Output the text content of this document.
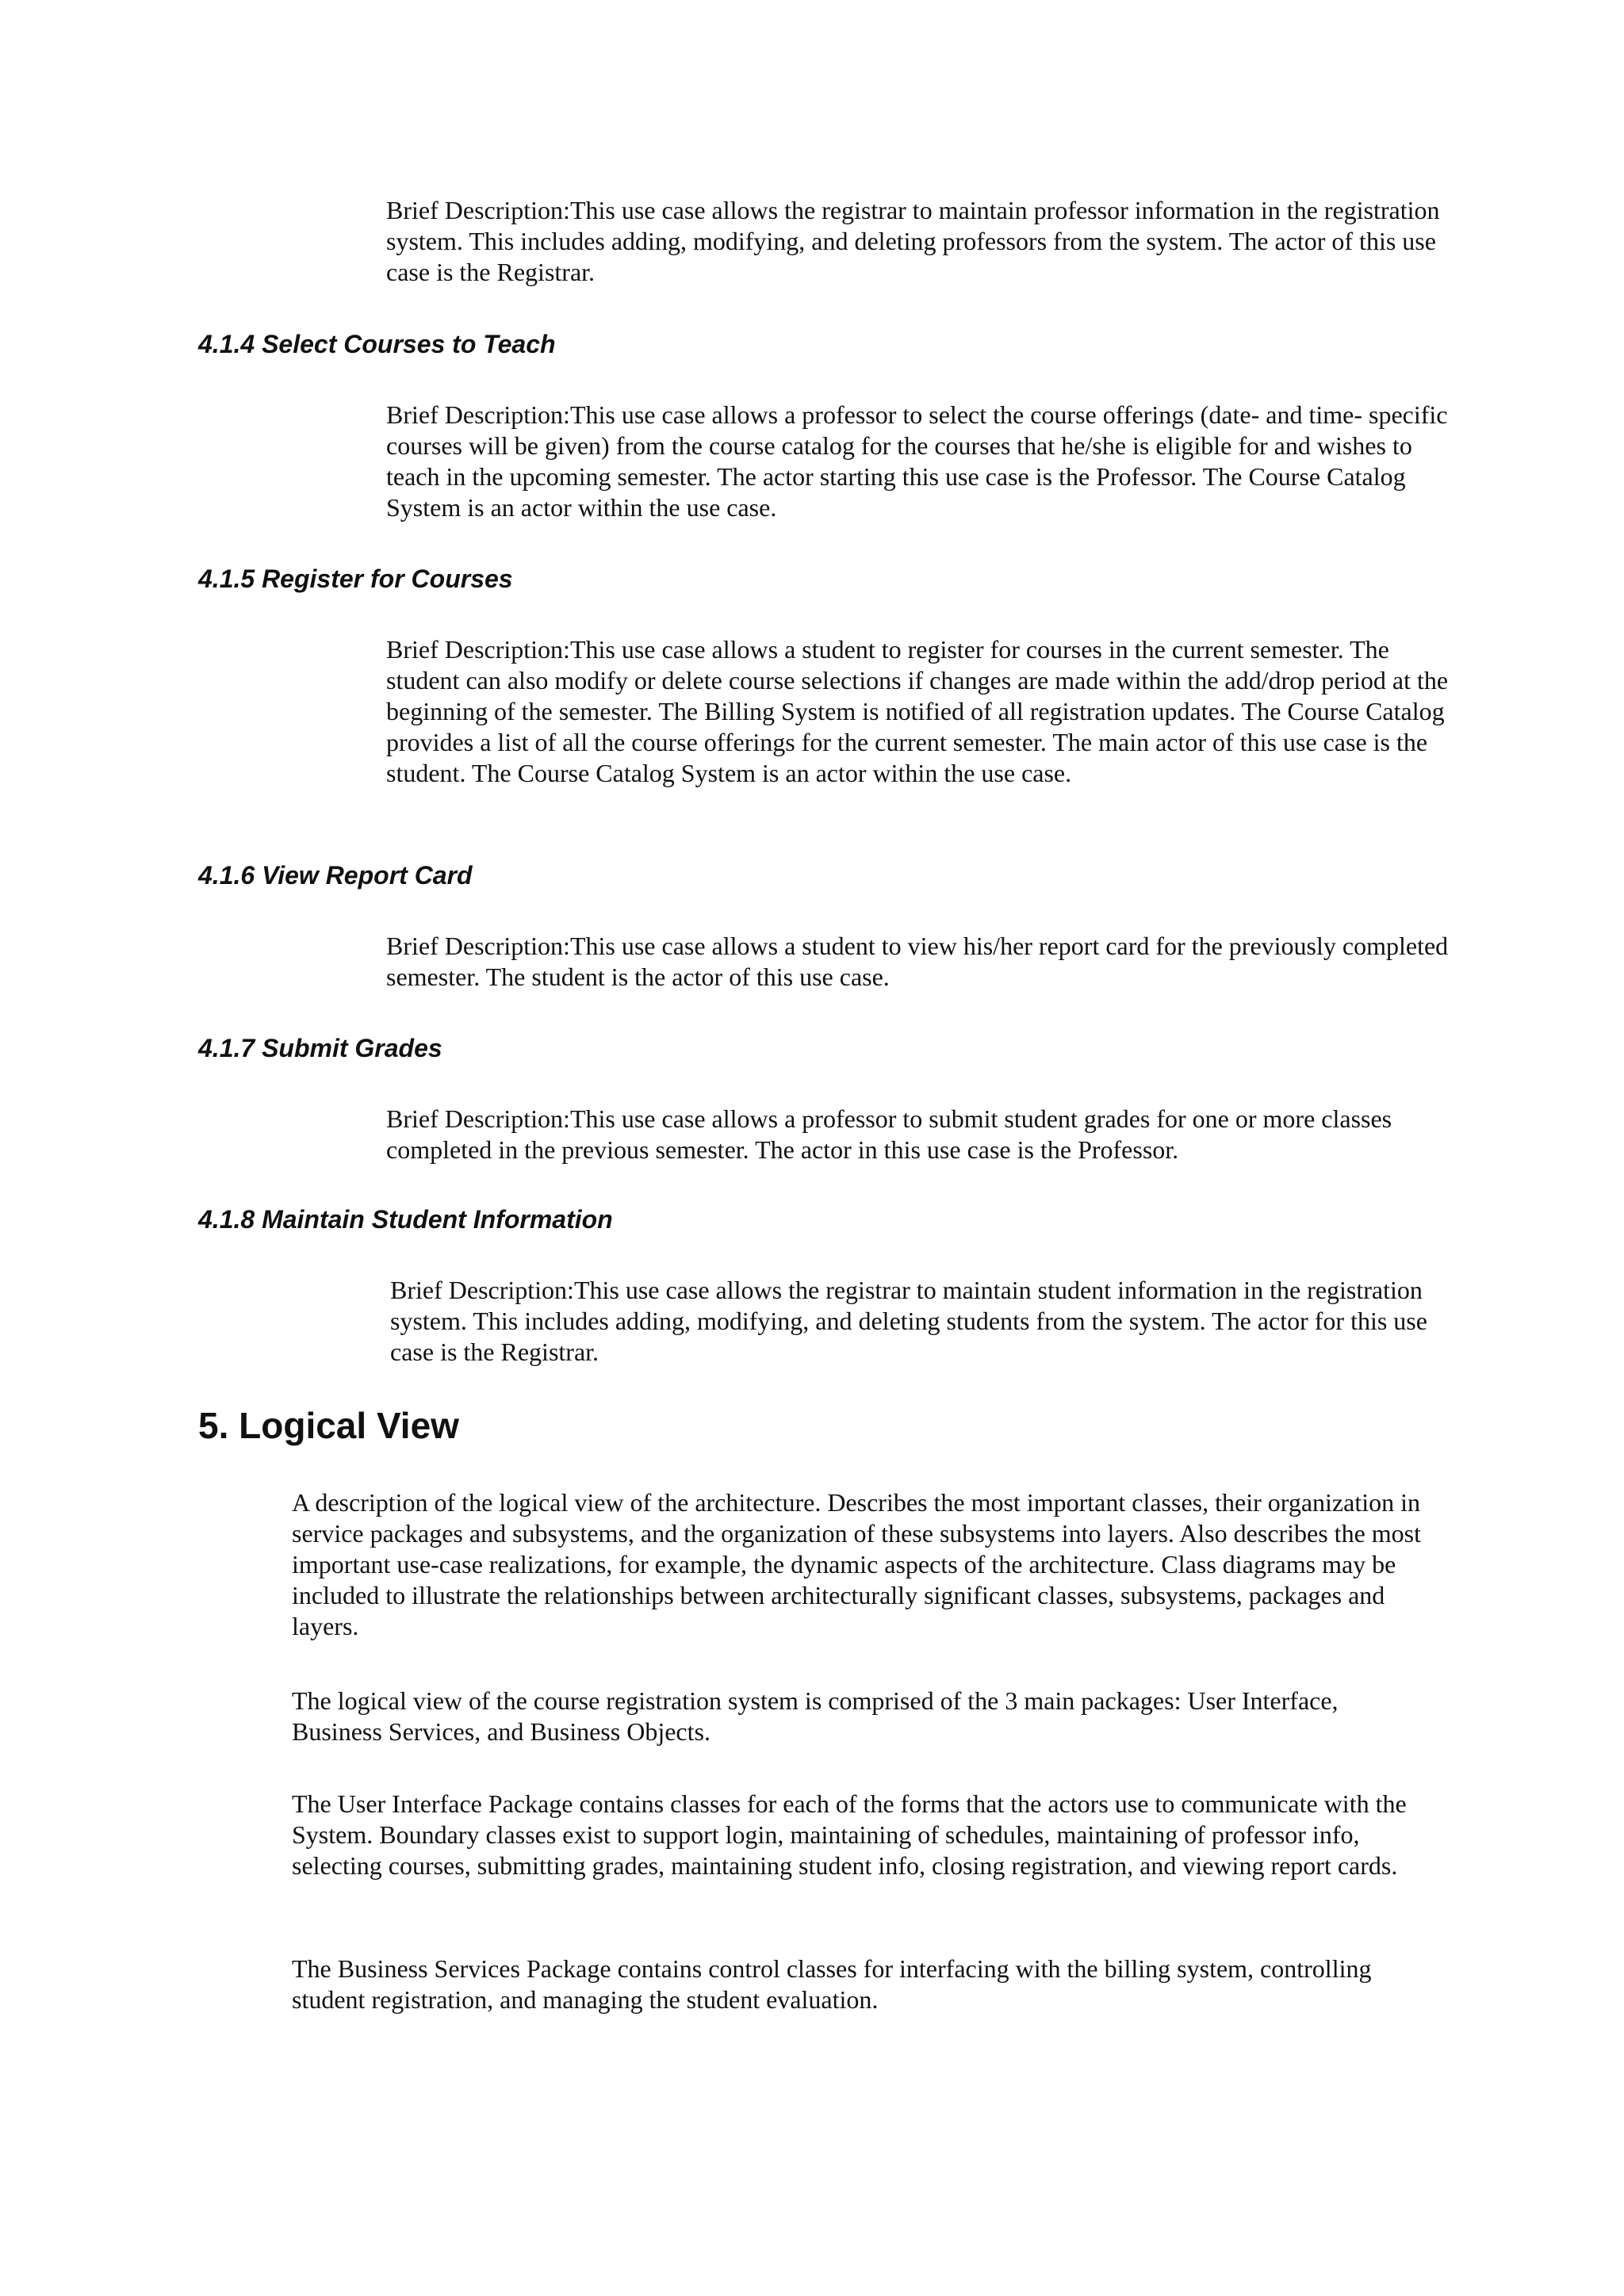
Brief Description:This use case allows the registrar to maintain professor information in the registration system. This includes adding, modifying, and deleting professors from the system. The actor of this use case is the Registrar.

4.1.4 Select Courses to Teach

Brief Description:This use case allows a professor to select the course offerings (date- and time- specific courses will be given) from the course catalog for the courses that he/she is eligible for and wishes to teach in the upcoming semester. The actor starting this use case is the Professor. The Course Catalog System is an actor within the use case.

4.1.5 Register for Courses

Brief Description:This use case allows a student to register for courses in the current semester. The student can also modify or delete course selections if changes are made within the add/drop period at the beginning of the semester. The Billing System is notified of all registration updates. The Course Catalog provides a list of all the course offerings for the current semester. The main actor of this use case is the student. The Course Catalog System is an actor within the use case.

4.1.6 View Report Card

Brief Description:This use case allows a student to view his/her report card for the previously completed semester. The student is the actor of this use case.

4.1.7 Submit Grades

Brief Description:This use case allows a professor to submit student grades for one or more classes completed in the previous semester. The actor in this use case is the Professor.

4.1.8 Maintain Student Information

Brief Description:This use case allows the registrar to maintain student information in the registration system. This includes adding, modifying, and deleting students from the system. The actor for this use case is the Registrar.

5. Logical View

A description of the logical view of the architecture. Describes the most important classes, their organization in service packages and subsystems, and the organization of these subsystems into layers. Also describes the most important use-case realizations, for example, the dynamic aspects of the architecture. Class diagrams may be included to illustrate the relationships between architecturally significant classes, subsystems, packages and layers.

The logical view of the course registration system is comprised of the 3 main packages: User Interface, Business Services, and Business Objects.

The User Interface Package contains classes for each of the forms that the actors use to communicate with the System. Boundary classes exist to support login, maintaining of schedules, maintaining of professor info, selecting courses, submitting grades, maintaining student info, closing registration, and viewing report cards.

The Business Services Package contains control classes for interfacing with the billing system, controlling student registration, and managing the student evaluation.
